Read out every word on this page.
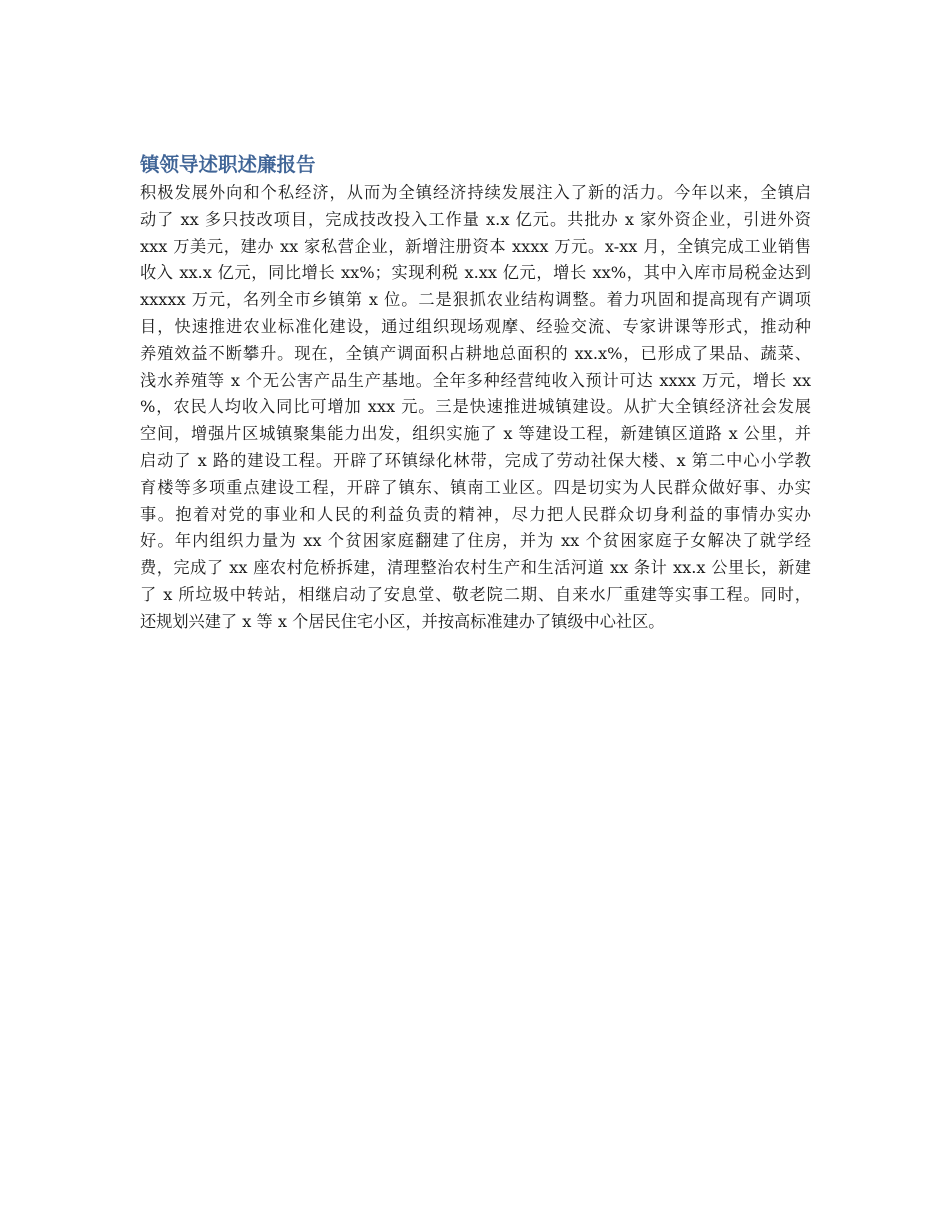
镇领导述职述廉报告
积极发展外向和个私经济，从而为全镇经济持续发展注入了新的活力。今年以来，全镇启
动了 xx 多只技改项目，完成技改投入工作量 x.x 亿元。共批办 x 家外资企业，引进外资
xxx 万美元，建办 xx 家私营企业，新增注册资本 xxxx 万元。x-xx 月，全镇完成工业销售
收入 xx.x 亿元，同比增长 xx%；实现利税 x.xx 亿元，增长 xx%，其中入库市局税金达到
xxxxx 万元，名列全市乡镇第 x 位。二是狠抓农业结构调整。着力巩固和提高现有产调项
目，快速推进农业标准化建设，通过组织现场观摩、经验交流、专家讲课等形式，推动种
养殖效益不断攀升。现在，全镇产调面积占耕地总面积的 xx.x%，已形成了果品、蔬菜、
浅水养殖等 x 个无公害产品生产基地。全年多种经营纯收入预计可达 xxxx 万元，增长 xx
%，农民人均收入同比可增加 xxx 元。三是快速推进城镇建设。从扩大全镇经济社会发展
空间，增强片区城镇聚集能力出发，组织实施了 x 等建设工程，新建镇区道路 x 公里，并
启动了 x 路的建设工程。开辟了环镇绿化林带，完成了劳动社保大楼、x 第二中心小学教
育楼等多项重点建设工程，开辟了镇东、镇南工业区。四是切实为人民群众做好事、办实
事。抱着对党的事业和人民的利益负责的精神，尽力把人民群众切身利益的事情办实办
好。年内组织力量为 xx 个贫困家庭翻建了住房，并为 xx 个贫困家庭子女解决了就学经
费，完成了 xx 座农村危桥拆建，清理整治农村生产和生活河道 xx 条计 xx.x 公里长，新建
了 x 所垃圾中转站，相继启动了安息堂、敬老院二期、自来水厂重建等实事工程。同时，
还规划兴建了 x 等 x 个居民住宅小区，并按高标准建办了镇级中心社区。
